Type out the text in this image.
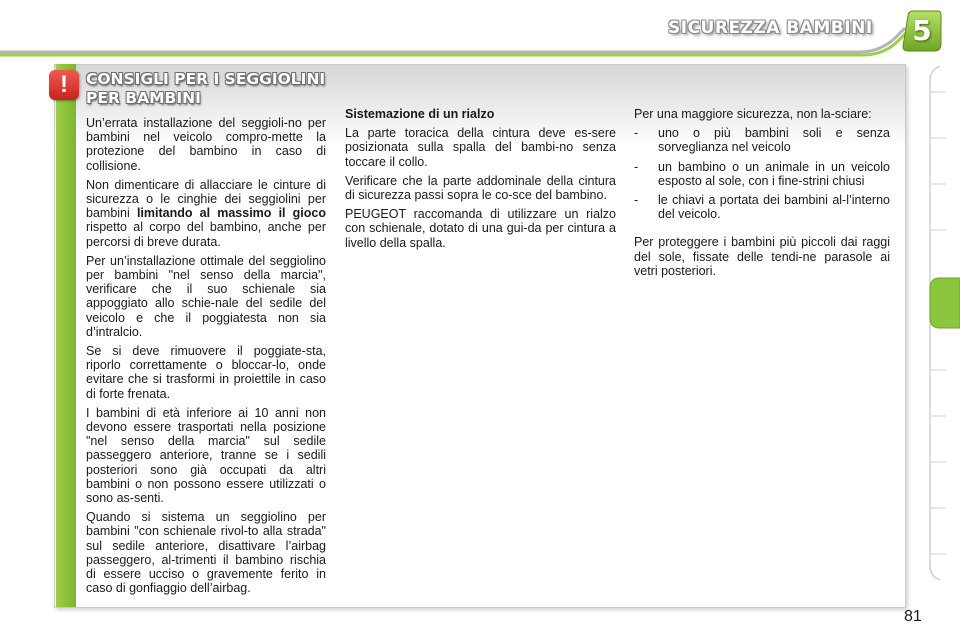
SICUREZZA BAMBINI	5
!	CONSIGLI PER I SEGGIOLINI PER BAMBINI

Un’errata installazione del seggioli-no per bambini nel veicolo compro-mette la protezione del bambino in caso di collisione.

Non dimenticare di allacciare le cinture di sicurezza o le cinghie dei seggiolini per bambini limitando al massimo il gioco rispetto al corpo del bambino, anche per percorsi di breve durata.

Per un’installazione ottimale del seggiolino per bambini "nel senso della marcia", verificare che il suo schienale sia appoggiato allo schie-nale del sedile del veicolo e che il poggiatesta non sia d’intralcio.

Se si deve rimuovere il poggiate-sta, riporlo correttamente o bloccar-lo, onde evitare che si trasformi in proiettile in caso di forte frenata.

I bambini di età inferiore ai 10 anni non devono essere trasportati nella posizione "nel senso della marcia" sul sedile passeggero anteriore, tranne se i sedili posteriori sono già occupati da altri bambini o non possono essere utilizzati o sono as-senti.

Quando si sistema un seggiolino per bambini "con schienale rivol-to alla strada" sul sedile anteriore, disattivare l’airbag passeggero, al-trimenti il bambino rischia di essere ucciso o gravemente ferito in caso di gonfiaggio dell’airbag.

Sistemazione di un rialzo

La parte toracica della cintura deve es-sere posizionata sulla spalla del bambi-no senza toccare il collo.

Verificare che la parte addominale della cintura di sicurezza passi sopra le co-sce del bambino.

PEUGEOT raccomanda di utilizzare un rialzo con schienale, dotato di una gui-da per cintura a livello della spalla.

Per una maggiore sicurezza, non la-sciare:

-	uno o più bambini soli e senza sorveglianza nel veicolo
-	un bambino o un animale in un veicolo esposto al sole, con i fine-strini chiusi
-	le chiavi a portata dei bambini al-l’interno del veicolo.

Per proteggere i bambini più piccoli dai raggi del sole, fissate delle tendi-ne parasole ai vetri posteriori.

81
